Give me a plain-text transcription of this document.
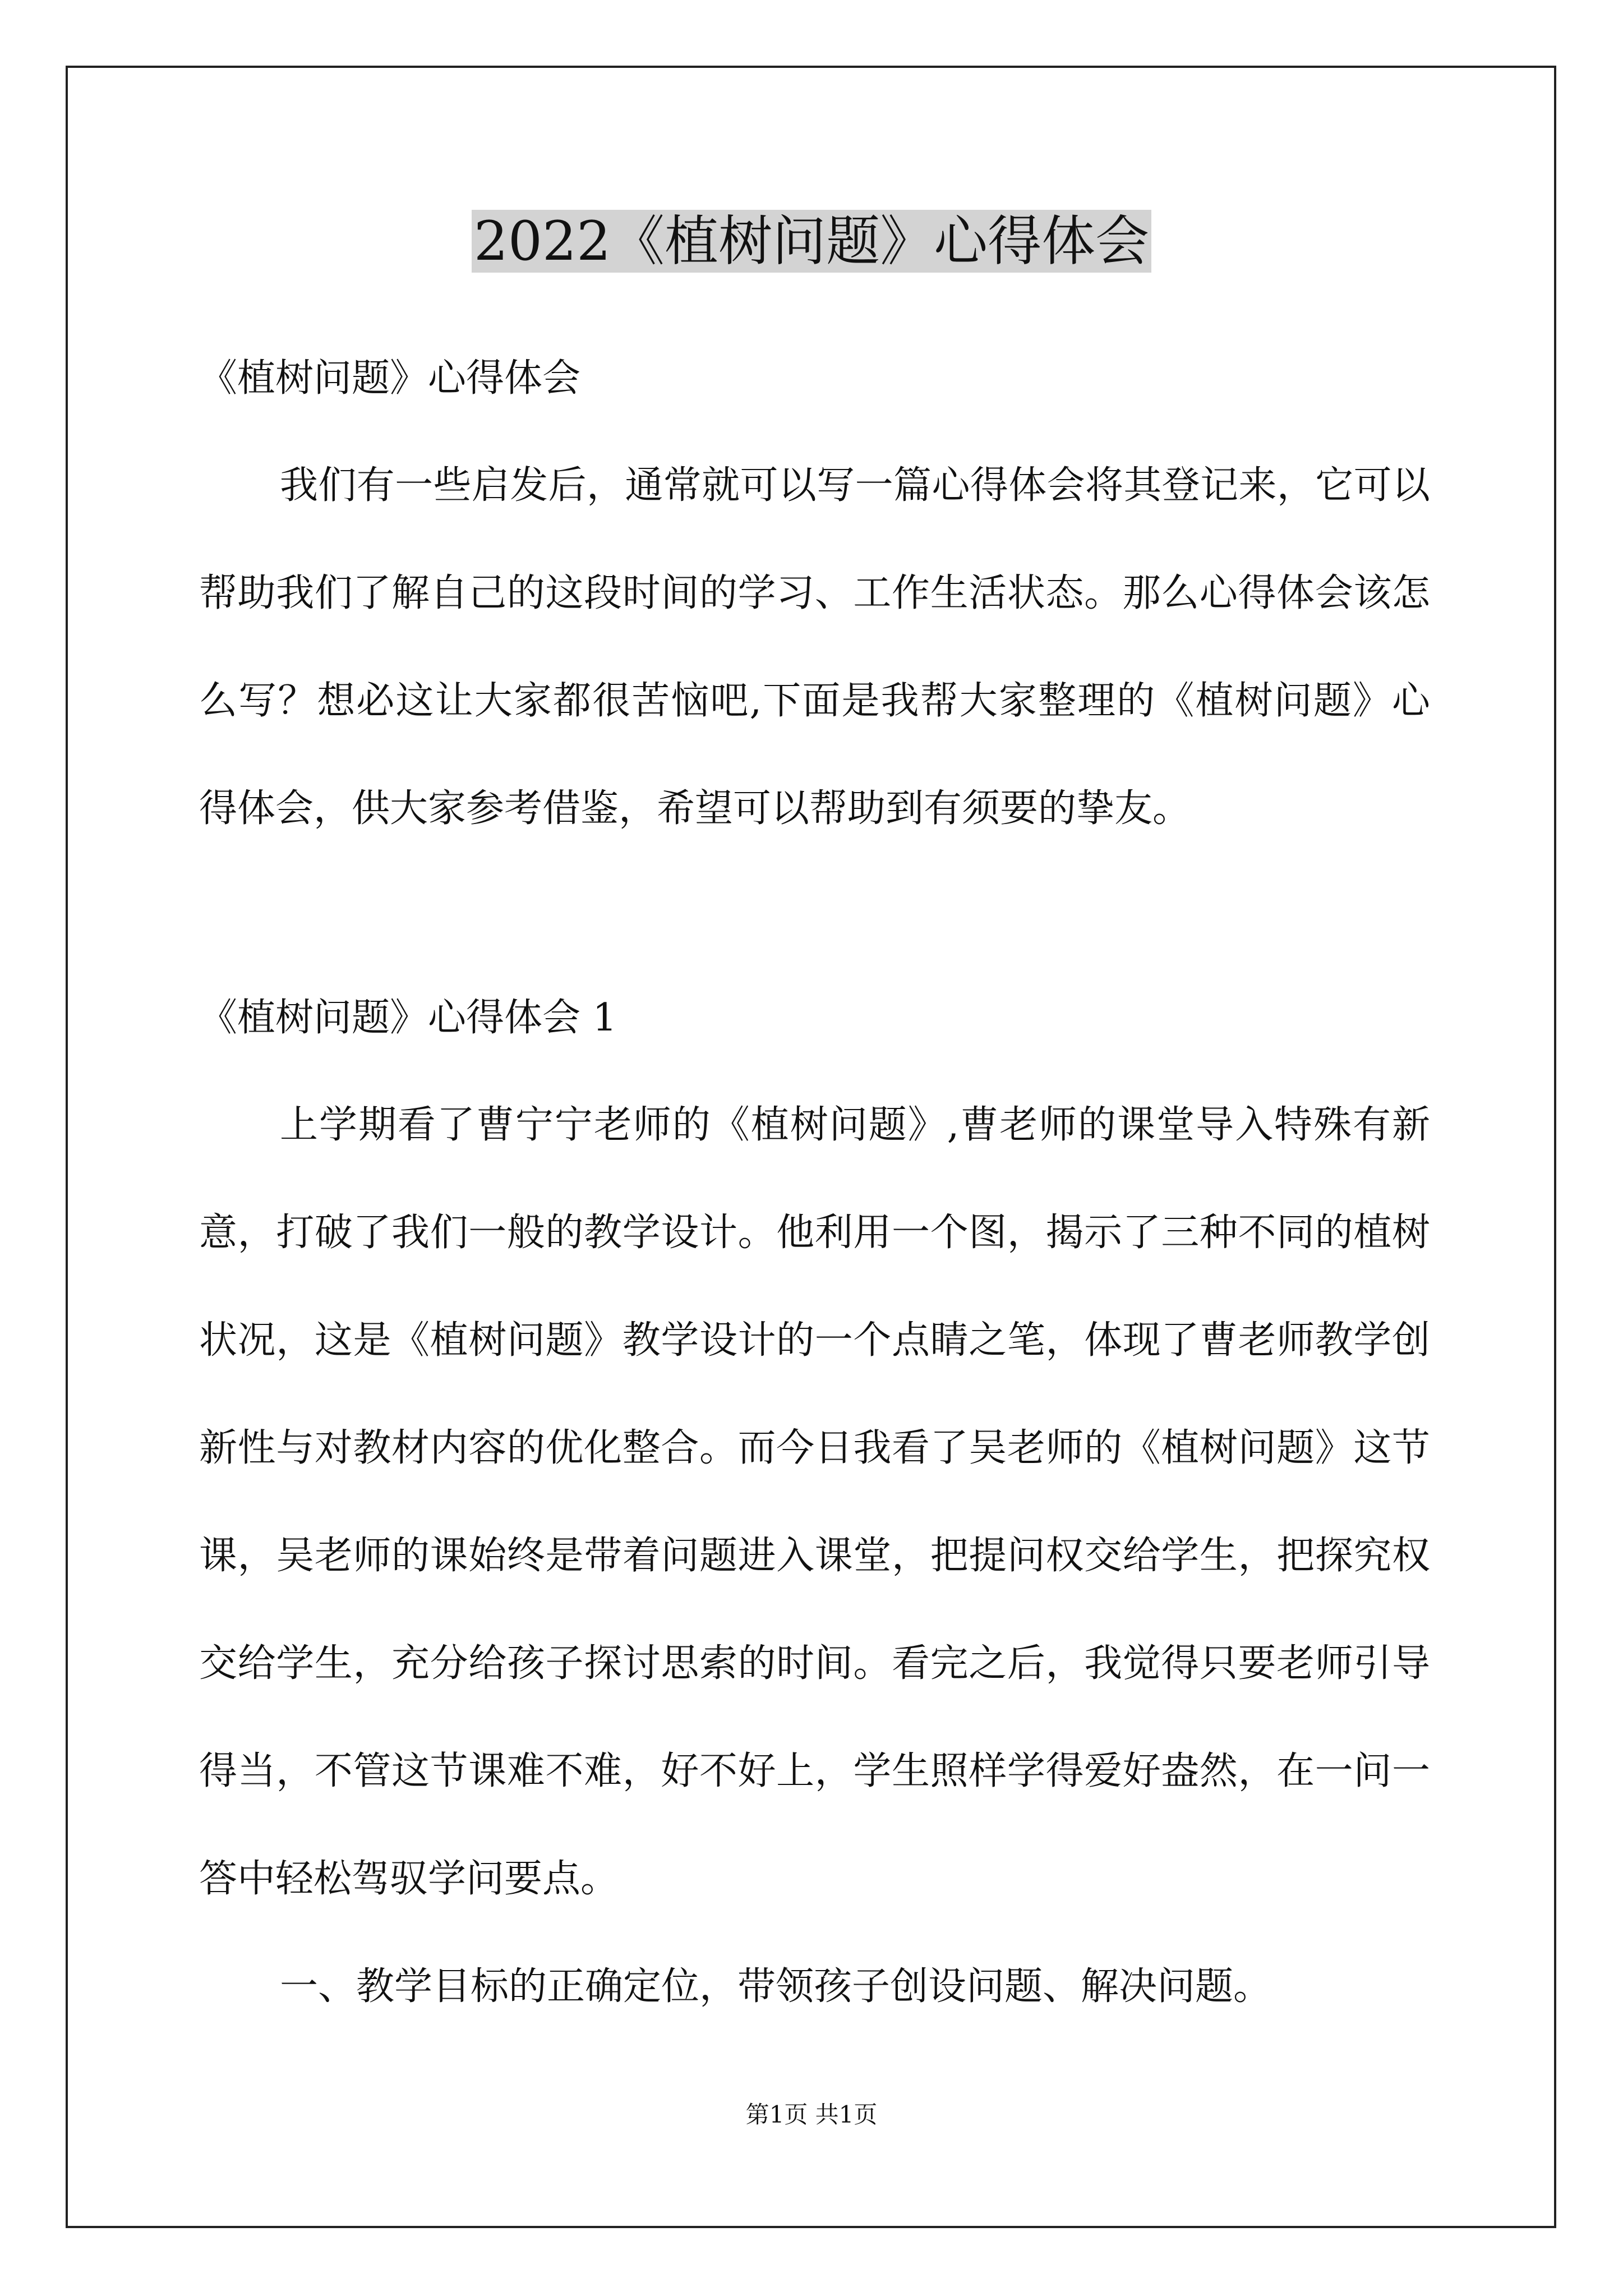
2022《植树问题》心得体会

《植树问题》心得体会

我们有一些启发后，通常就可以写一篇心得体会将其登记来，它可以帮助我们了解自己的这段时间的学习、工作生活状态。那么心得体会该怎么写？想必这让大家都很苦恼吧,下面是我帮大家整理的《植树问题》心得体会，供大家参考借鉴，希望可以帮助到有须要的挚友。

《植树问题》心得体会 1

上学期看了曹宁宁老师的《植树问题》,曹老师的课堂导入特殊有新意，打破了我们一般的教学设计。他利用一个图，揭示了三种不同的植树状况，这是《植树问题》教学设计的一个点睛之笔，体现了曹老师教学创新性与对教材内容的优化整合。而今日我看了吴老师的《植树问题》这节课，吴老师的课始终是带着问题进入课堂，把提问权交给学生，把探究权交给学生，充分给孩子探讨思索的时间。看完之后，我觉得只要老师引导得当，不管这节课难不难，好不好上，学生照样学得爱好盎然，在一问一答中轻松驾驭学问要点。

一、教学目标的正确定位，带领孩子创设问题、解决问题。

第1页 共1页
